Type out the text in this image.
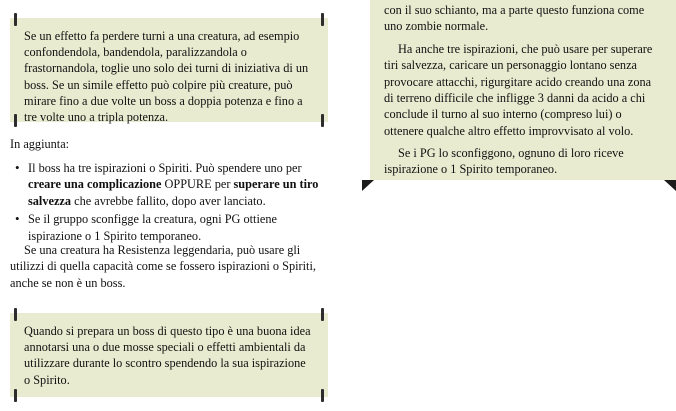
Se un effetto fa perdere turni a una creatura, ad esempio confondendola, bandendola, paralizzandola o frastornandola, toglie uno solo dei turni di iniziativa di un boss. Se un simile effetto può colpire più creature, può mirare fino a due volte un boss a doppia potenza e fino a tre volte uno a tripla potenza.

In aggiunta:

• Il boss ha tre ispirazioni o Spiriti. Può spendere uno per creare una complicazione OPPURE per superare un tiro salvezza che avrebbe fallito, dopo aver lanciato.
• Se il gruppo sconfigge la creatura, ogni PG ottiene ispirazione o 1 Spirito temporaneo.

Se una creatura ha Resistenza leggendaria, può usare gli utilizzi di quella capacità come se fossero ispirazioni o Spiriti, anche se non è un boss.

Quando si prepara un boss di questo tipo è una buona idea annotarsi una o due mosse speciali o effetti ambientali da utilizzare durante lo scontro spendendo la sua ispirazione o Spirito.

con il suo schianto, ma a parte questo funziona come uno zombie normale.

Ha anche tre ispirazioni, che può usare per superare tiri salvezza, caricare un personaggio lontano senza provocare attacchi, rigurgitare acido creando una zona di terreno difficile che infligge 3 danni da acido a chi conclude il turno al suo interno (compreso lui) o ottenere qualche altro effetto improvvisato al volo.

Se i PG lo sconfiggono, ognuno di loro riceve ispirazione o 1 Spirito temporaneo.
